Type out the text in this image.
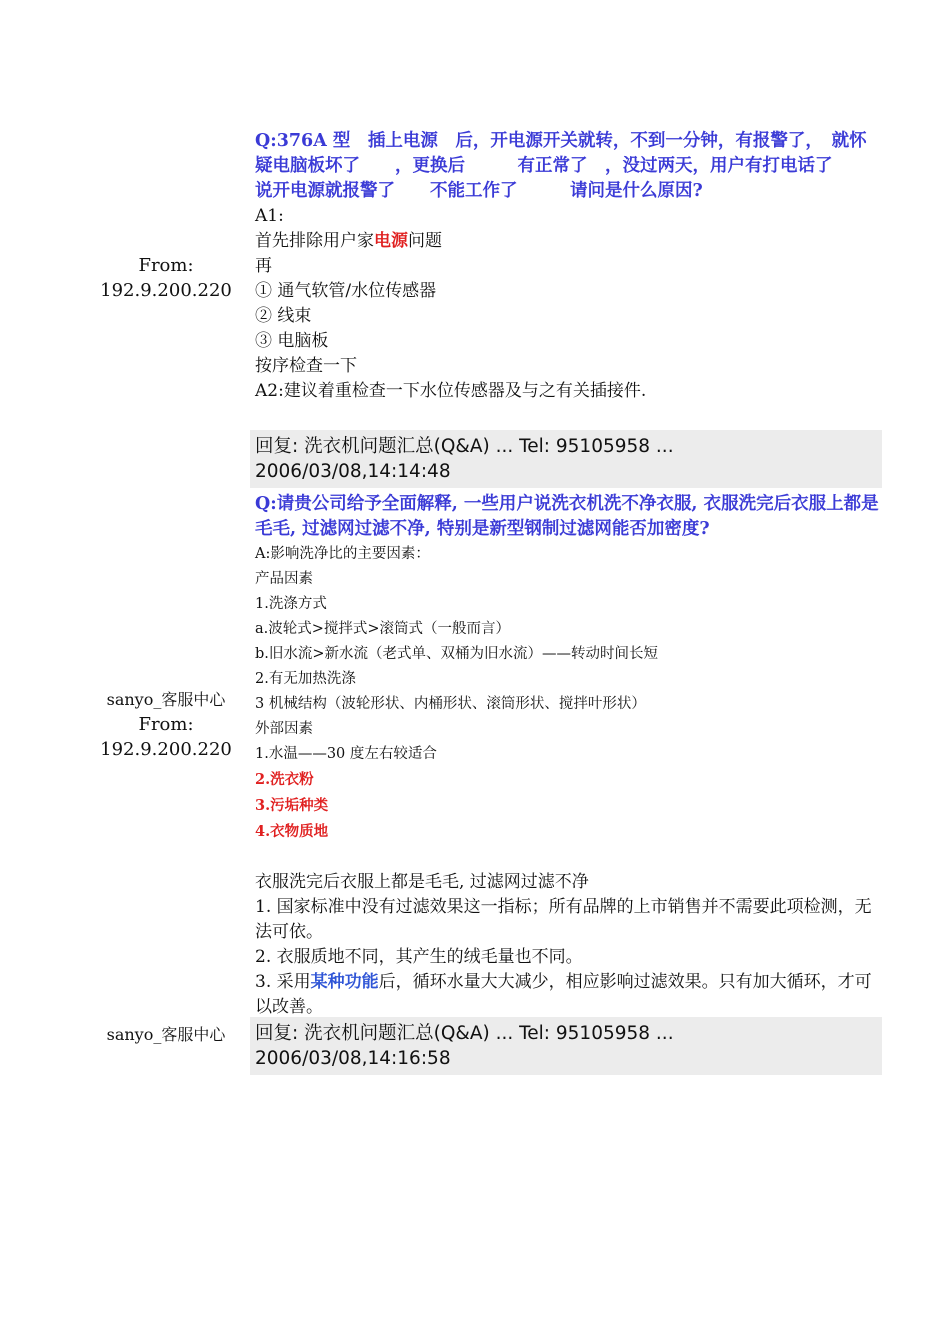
From:
192.9.200.220

Q:376A 型　插上电源　后，开电源开关就转，不到一分钟，有报警了，　就怀疑电脑板坏了　　，更换后　　　有正常了　，没过两天，用户有打电话了　　说开电源就报警了　　不能工作了　　　请问是什么原因?

A1:

首先排除用户家电源问题

再

① 通气软管/水位传感器

② 线束

③ 电脑板

按序检查一下

A2:建议着重检查一下水位传感器及与之有关插接件.

回复: 洗衣机问题汇总(Q&A) ... Tel: 95105958 ...
2006/03/08,14:14:48
sanyo_客服中心
From:
192.9.200.220

Q:请贵公司给予全面解释, 一些用户说洗衣机洗不净衣服, 衣服洗完后衣服上都是毛毛, 过滤网过滤不净, 特别是新型钢制过滤网能否加密度?

A:影响洗净比的主要因素：

产品因素

1.洗涤方式

a.波轮式>搅拌式>滚筒式（一般而言）

b.旧水流>新水流（老式单、双桶为旧水流）——转动时间长短

2.有无加热洗涤

3 机械结构（波轮形状、内桶形状、滚筒形状、搅拌叶形状）

外部因素

1.水温——30 度左右较适合

2.洗衣粉

3.污垢种类

4.衣物质地

衣服洗完后衣服上都是毛毛, 过滤网过滤不净

1. 国家标准中没有过滤效果这一指标；所有品牌的上市销售并不需要此项检测，无法可依。

2. 衣服质地不同，其产生的绒毛量也不同。

3. 采用某种功能后，循环水量大大减少，相应影响过滤效果。只有加大循环，才可以改善。

sanyo_客服中心	回复: 洗衣机问题汇总(Q&A) ... Tel: 95105958 ...
2006/03/08,14:16:58
